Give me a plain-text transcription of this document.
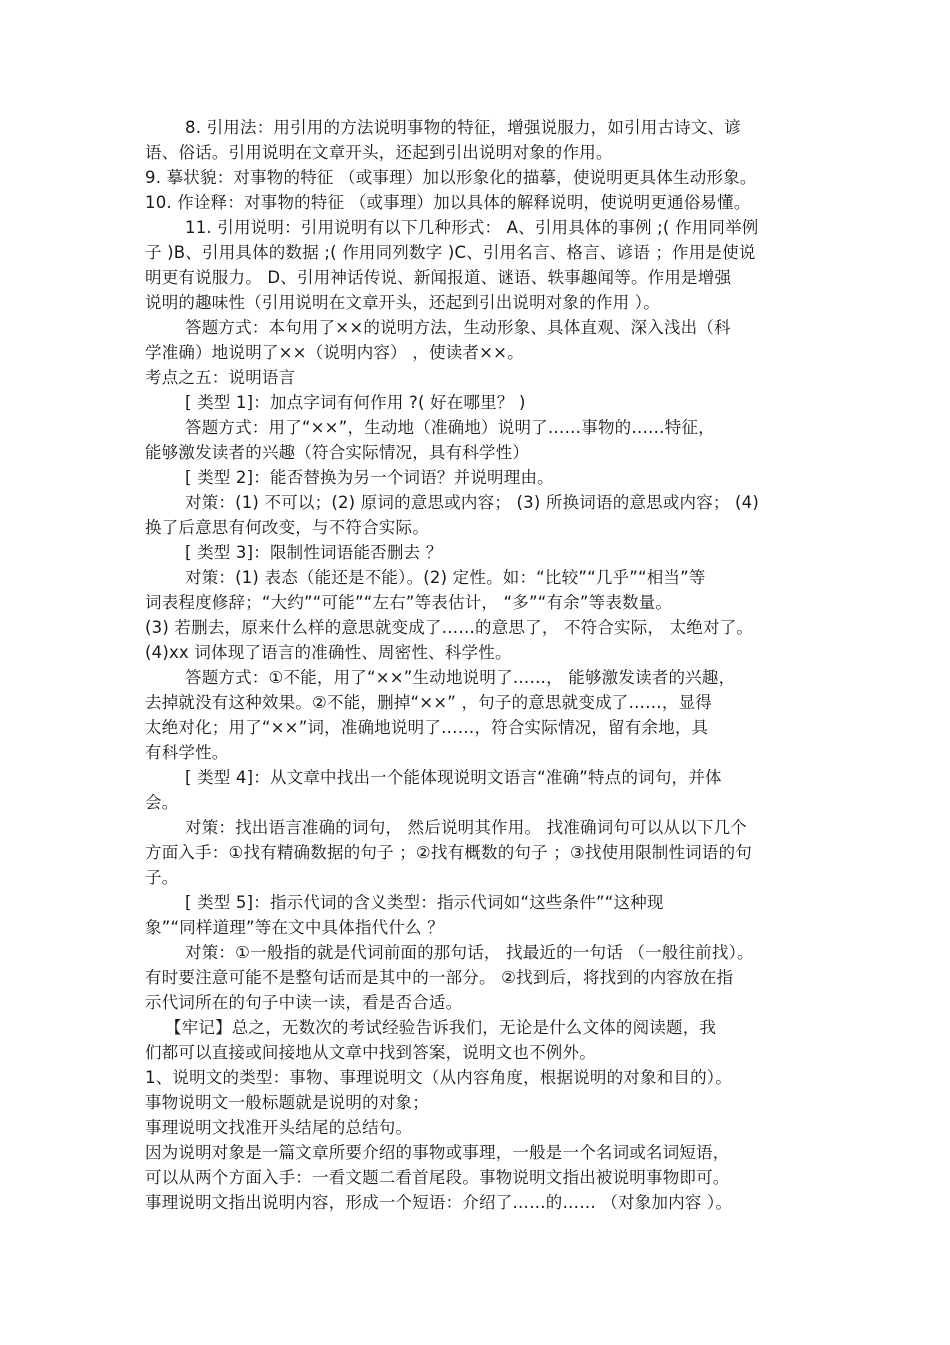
8. 引用法：用引用的方法说明事物的特征，增强说服力，如引用古诗文、谚
语、俗话。引用说明在文章开头，还起到引出说明对象的作用。
9. 摹状貌：对事物的特征 （或事理）加以形象化的描摹，使说明更具体生动形象。
10. 作诠释：对事物的特征 （或事理）加以具体的解释说明，使说明更通俗易懂。
11. 引用说明：引用说明有以下几种形式： A、引用具体的事例 ;( 作用同举例
子 )B、引用具体的数据 ;( 作用同列数字 )C、引用名言、格言、谚语 ；作用是使说
明更有说服力。 D、引用神话传说、新闻报道、谜语、轶事趣闻等。作用是增强
说明的趣味性（引用说明在文章开头，还起到引出说明对象的作用 ）。
答题方式：本句用了××的说明方法，生动形象、具体直观、深入浅出（科
学准确）地说明了××（说明内容） ，使读者××。
考点之五：说明语言
[ 类型 1]：加点字词有何作用 ?( 好在哪里？ )
答题方式：用了“××”，生动地（准确地）说明了……事物的……特征，
能够激发读者的兴趣（符合实际情况，具有科学性）
[ 类型 2]：能否替换为另一个词语？并说明理由。
对策：(1) 不可以；(2) 原词的意思或内容； (3) 所换词语的意思或内容； (4)
换了后意思有何改变，与不符合实际。
[ 类型 3]：限制性词语能否删去 ？
对策：(1) 表态（能还是不能）。(2) 定性。如：“比较”“几乎”“相当”等
词表程度修辞；“大约”“可能”“左右”等表估计， “多”“有余”等表数量。
(3) 若删去，原来什么样的意思就变成了……的意思了， 不符合实际， 太绝对了。
(4)xx 词体现了语言的准确性、周密性、科学性。
答题方式：①不能，用了“××”生动地说明了……， 能够激发读者的兴趣，
去掉就没有这种效果。②不能，删掉“××” ，句子的意思就变成了……，显得
太绝对化；用了“××”词，准确地说明了……，符合实际情况，留有余地，具
有科学性。
[ 类型 4]：从文章中找出一个能体现说明文语言“准确”特点的词句，并体
会。
对策：找出语言准确的词句， 然后说明其作用。 找准确词句可以从以下几个
方面入手：①找有精确数据的句子 ；②找有概数的句子 ；③找使用限制性词语的句
子。
[ 类型 5]：指示代词的含义类型：指示代词如“这些条件”“这种现
象”“同样道理”等在文中具体指代什么 ？
对策：①一般指的就是代词前面的那句话， 找最近的一句话 （一般往前找）。
有时要注意可能不是整句话而是其中的一部分。 ②找到后，将找到的内容放在指
示代词所在的句子中读一读，看是否合适。
【牢记】总之，无数次的考试经验告诉我们，无论是什么文体的阅读题，我
们都可以直接或间接地从文章中找到答案，说明文也不例外。
1、说明文的类型：事物、事理说明文（从内容角度，根据说明的对象和目的）。
事物说明文一般标题就是说明的对象；
事理说明文找准开头结尾的总结句。
因为说明对象是一篇文章所要介绍的事物或事理，一般是一个名词或名词短语，
可以从两个方面入手：一看文题二看首尾段。事物说明文指出被说明事物即可。
事理说明文指出说明内容，形成一个短语：介绍了……的…… （对象加内容 ）。
